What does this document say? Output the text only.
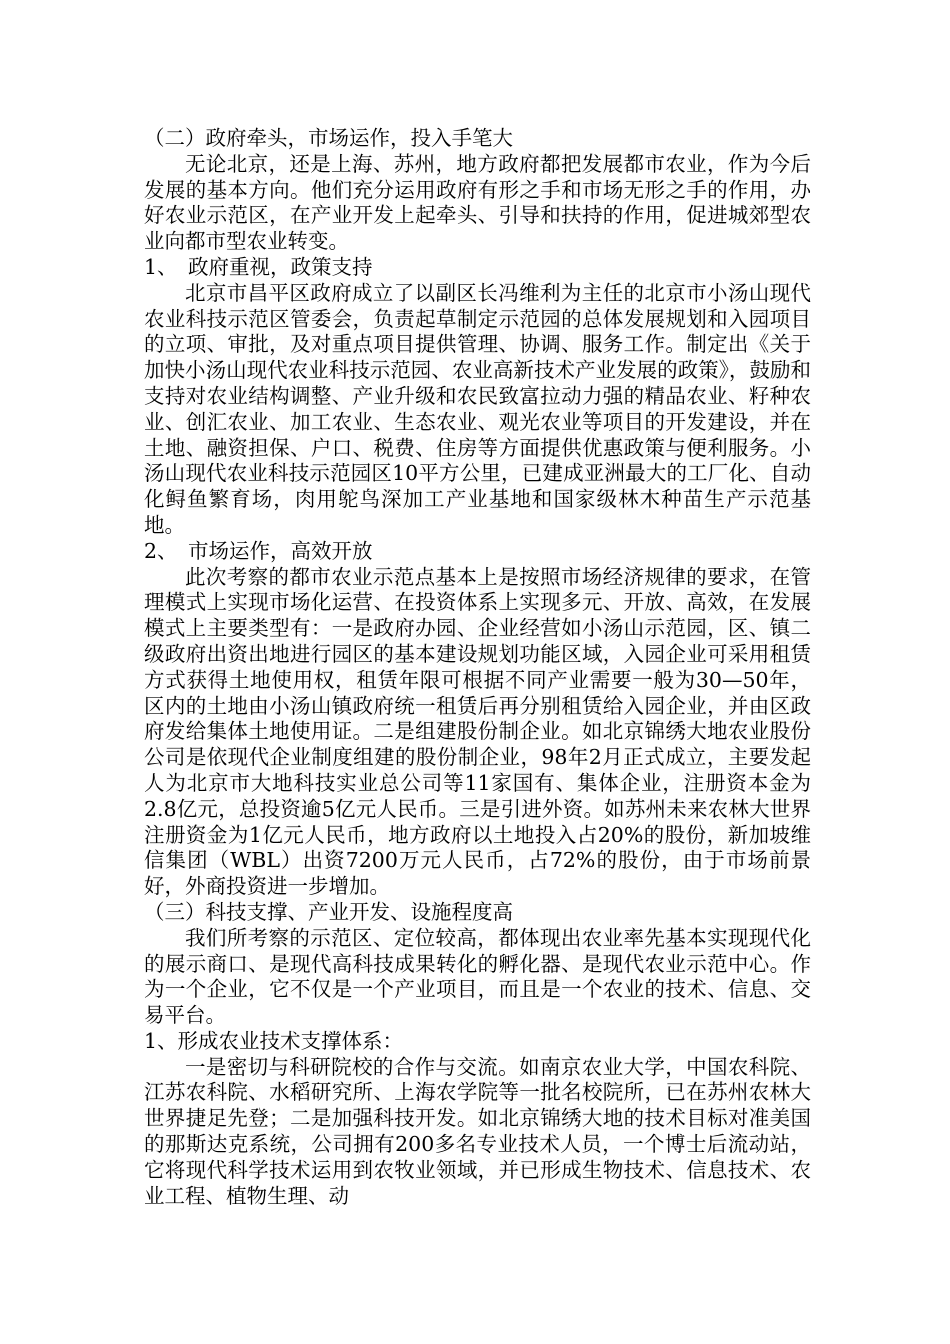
（二）政府牵头，市场运作，投入手笔大

无论北京，还是上海、苏州，地方政府都把发展都市农业，作为今后发展的基本方向。他们充分运用政府有形之手和市场无形之手的作用，办好农业示范区，在产业开发上起牵头、引导和扶持的作用，促进城郊型农业向都市型农业转变。

1、 政府重视，政策支持

北京市昌平区政府成立了以副区长冯维利为主任的北京市小汤山现代农业科技示范区管委会，负责起草制定示范园的总体发展规划和入园项目的立项、审批，及对重点项目提供管理、协调、服务工作。制定出《关于加快小汤山现代农业科技示范园、农业高新技术产业发展的政策》，鼓励和支持对农业结构调整、产业升级和农民致富拉动力强的精品农业、籽种农业、创汇农业、加工农业、生态农业、观光农业等项目的开发建设，并在土地、融资担保、户口、税费、住房等方面提供优惠政策与便利服务。小汤山现代农业科技示范园区10平方公里，已建成亚洲最大的工厂化、自动化鲟鱼繁育场，肉用鸵鸟深加工产业基地和国家级林木种苗生产示范基地。

2、 市场运作，高效开放

此次考察的都市农业示范点基本上是按照市场经济规律的要求，在管理模式上实现市场化运营、在投资体系上实现多元、开放、高效，在发展模式上主要类型有：一是政府办园、企业经营如小汤山示范园，区、镇二级政府出资出地进行园区的基本建设规划功能区域，入园企业可采用租赁方式获得土地使用权，租赁年限可根据不同产业需要一般为30—50年，区内的土地由小汤山镇政府统一租赁后再分别租赁给入园企业，并由区政府发给集体土地使用证。二是组建股份制企业。如北京锦绣大地农业股份公司是依现代企业制度组建的股份制企业，98年2月正式成立，主要发起人为北京市大地科技实业总公司等11家国有、集体企业，注册资本金为2.8亿元，总投资逾5亿元人民币。三是引进外资。如苏州未来农林大世界注册资金为1亿元人民币，地方政府以土地投入占20%的股份，新加坡维信集团（WBL）出资7200万元人民币，占72%的股份，由于市场前景好，外商投资进一步增加。

（三）科技支撑、产业开发、设施程度高

我们所考察的示范区、定位较高，都体现出农业率先基本实现现代化的展示商口、是现代高科技成果转化的孵化器、是现代农业示范中心。作为一个企业，它不仅是一个产业项目，而且是一个农业的技术、信息、交易平台。

1、形成农业技术支撑体系：

一是密切与科研院校的合作与交流。如南京农业大学，中国农科院、江苏农科院、水稻研究所、上海农学院等一批名校院所，已在苏州农林大世界捷足先登；二是加强科技开发。如北京锦绣大地的技术目标对准美国的那斯达克系统，公司拥有200多名专业技术人员，一个博士后流动站，它将现代科学技术运用到农牧业领域，并已形成生物技术、信息技术、农业工程、植物生理、动
